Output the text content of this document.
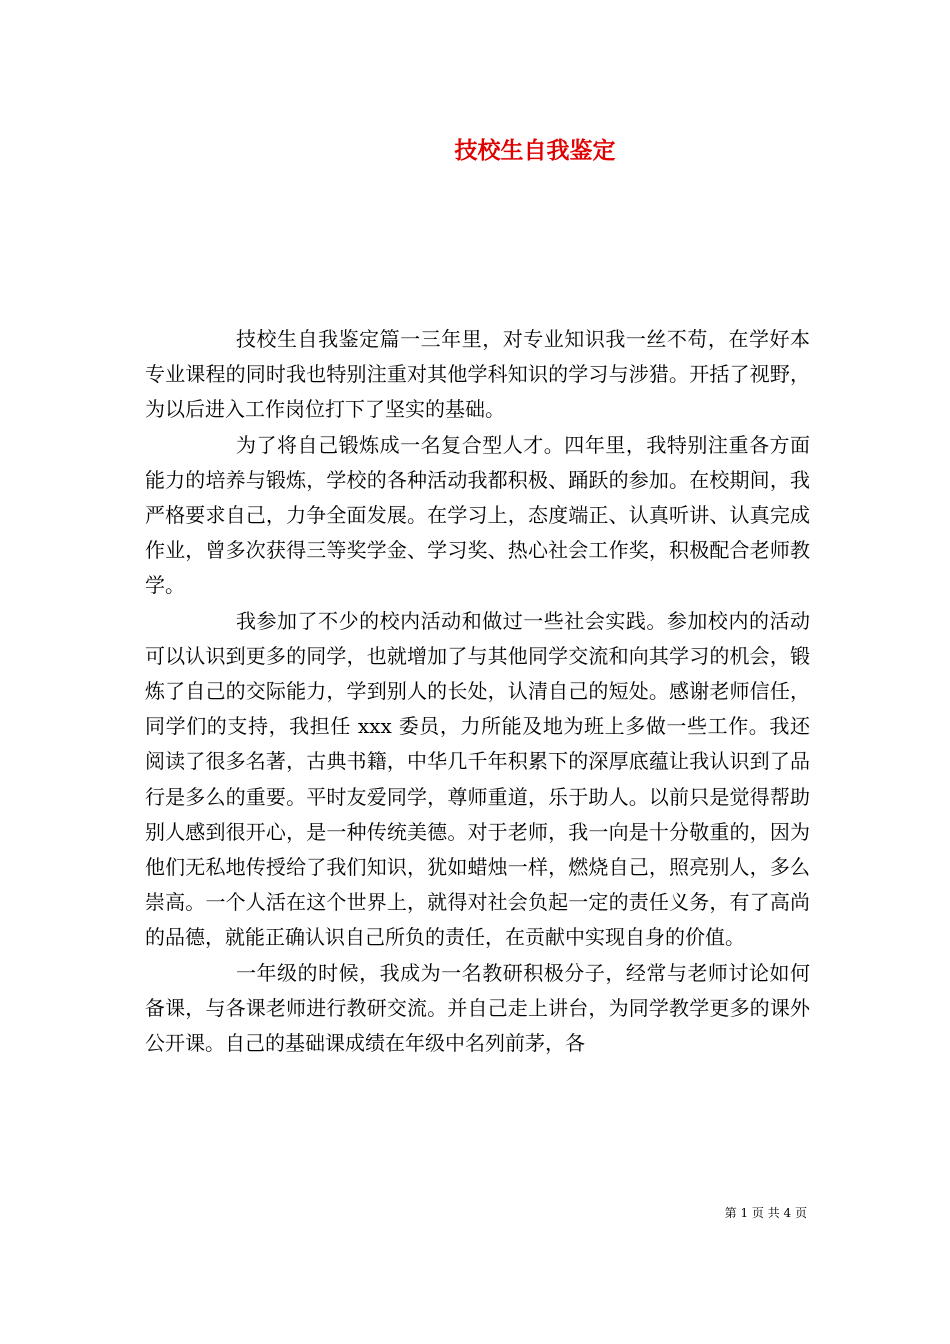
技校生自我鉴定

技校生自我鉴定篇一三年里，对专业知识我一丝不苟，在学好本专业课程的同时我也特别注重对其他学科知识的学习与涉猎。开括了视野，为以后进入工作岗位打下了坚实的基础。

为了将自己锻炼成一名复合型人才。四年里，我特别注重各方面能力的培养与锻炼，学校的各种活动我都积极、踊跃的参加。在校期间，我严格要求自己，力争全面发展。在学习上，态度端正、认真听讲、认真完成作业，曾多次获得三等奖学金、学习奖、热心社会工作奖，积极配合老师教学。

我参加了不少的校内活动和做过一些社会实践。参加校内的活动可以认识到更多的同学，也就增加了与其他同学交流和向其学习的机会，锻炼了自己的交际能力，学到别人的长处，认清自己的短处。感谢老师信任，同学们的支持，我担任 xxx 委员，力所能及地为班上多做一些工作。我还阅读了很多名著，古典书籍，中华几千年积累下的深厚底蕴让我认识到了品行是多么的重要。平时友爱同学，尊师重道，乐于助人。以前只是觉得帮助别人感到很开心，是一种传统美德。对于老师，我一向是十分敬重的，因为他们无私地传授给了我们知识，犹如蜡烛一样，燃烧自己，照亮别人，多么崇高。一个人活在这个世界上，就得对社会负起一定的责任义务，有了高尚的品德，就能正确认识自己所负的责任，在贡献中实现自身的价值。

一年级的时候，我成为一名教研积极分子，经常与老师讨论如何备课，与各课老师进行教研交流。并自己走上讲台，为同学教学更多的课外公开课。自己的基础课成绩在年级中名列前茅，各

第 1 页 共 4 页
